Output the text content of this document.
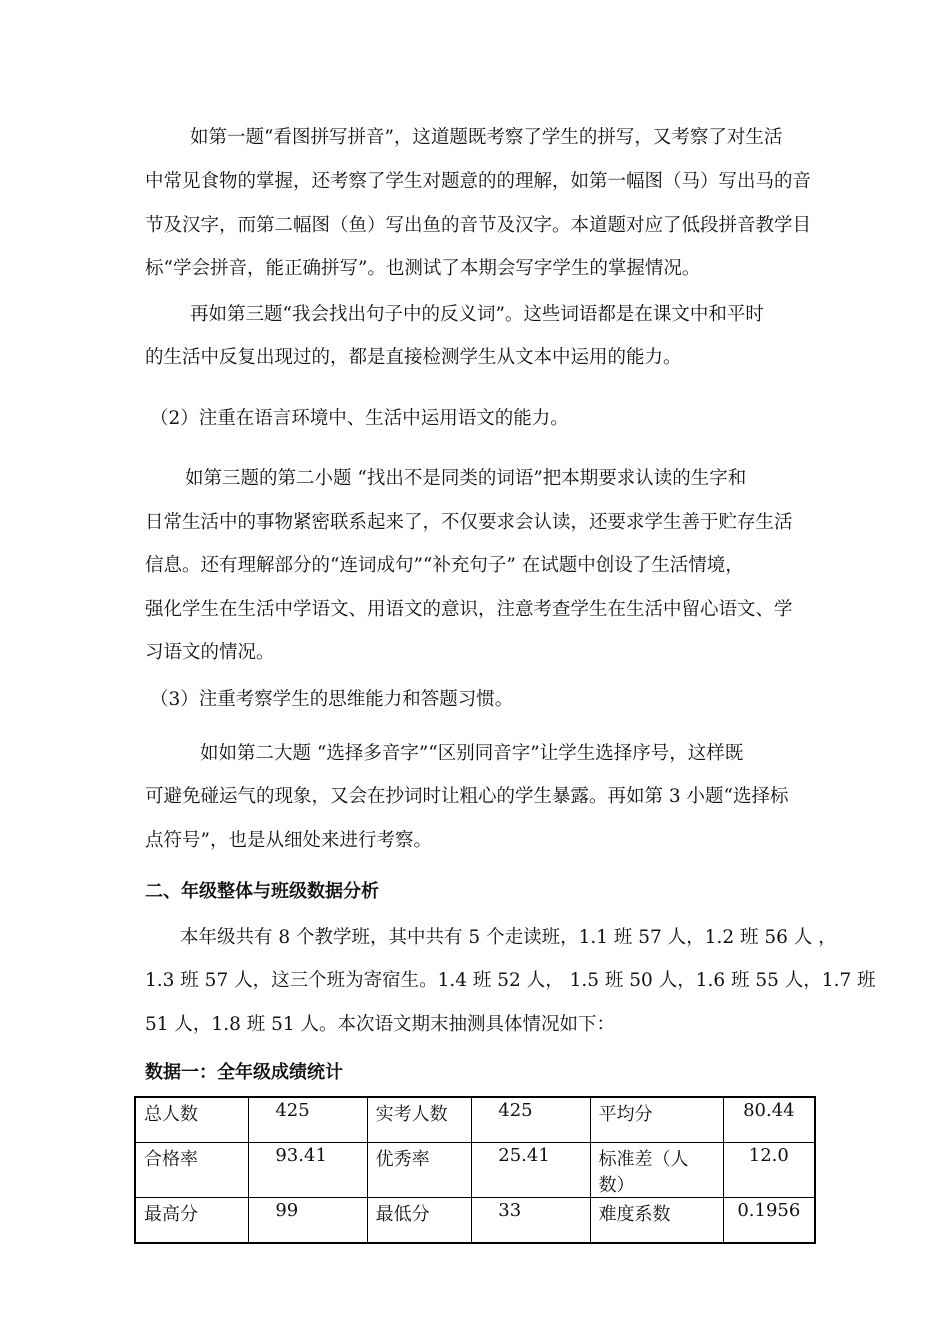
如第一题“看图拼写拼音”，这道题既考察了学生的拼写，又考察了对生活
中常见食物的掌握，还考察了学生对题意的的理解，如第一幅图（马）写出马的音
节及汉字，而第二幅图（鱼）写出鱼的音节及汉字。本道题对应了低段拼音教学目
标“学会拼音，能正确拼写”。也测试了本期会写字学生的掌握情况。
再如第三题“我会找出句子中的反义词”。这些词语都是在课文中和平时
的生活中反复出现过的，都是直接检测学生从文本中运用的能力。
（2）注重在语言环境中、生活中运用语文的能力。
如第三题的第二小题 “找出不是同类的词语”把本期要求认读的生字和
日常生活中的事物紧密联系起来了，不仅要求会认读，还要求学生善于贮存生活
信息。还有理解部分的“连词成句”“补充句子” 在试题中创设了生活情境，
强化学生在生活中学语文、用语文的意识，注意考查学生在生活中留心语文、学
习语文的情况。
（3）注重考察学生的思维能力和答题习惯。
如如第二大题 “选择多音字”“区别同音字”让学生选择序号，这样既
可避免碰运气的现象，又会在抄词时让粗心的学生暴露。再如第 3 小题“选择标
点符号”，也是从细处来进行考察。
二、年级整体与班级数据分析
本年级共有 8 个教学班，其中共有 5 个走读班，1.1 班 57 人，1.2 班 56 人 ，
1.3 班 57 人，这三个班为寄宿生。1.4 班 52 人， 1.5 班 50 人，1.6 班 55 人，1.7 班
51 人，1.8 班 51 人。本次语文期末抽测具体情况如下：
数据一：全年级成绩统计
总人数	425	实考人数	425	平均分	80.44
合格率	93.41	优秀率	25.41	标准差（人数）	12.0
最高分	99	最低分	33	难度系数	0.1956
